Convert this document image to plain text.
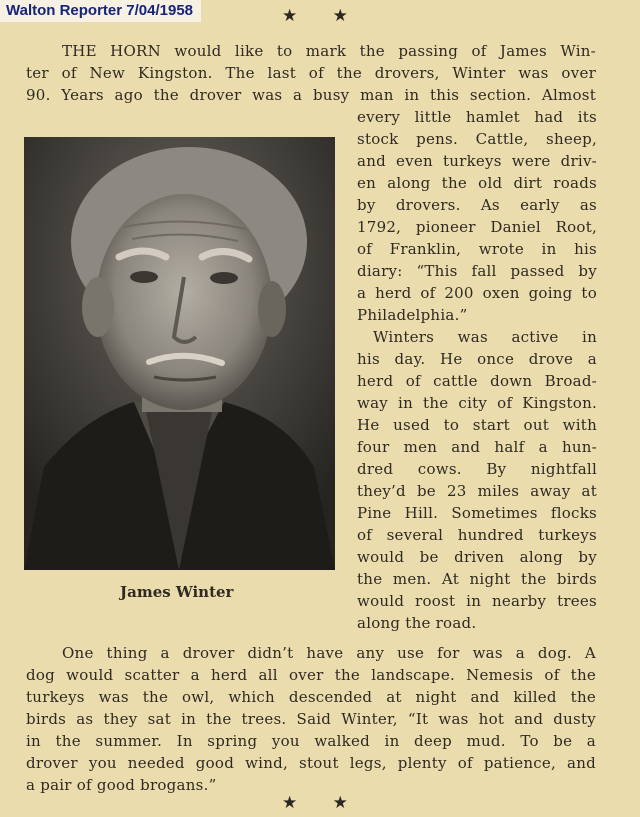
Walton Reporter 7/04/1958	★ ★
THE HORN would like to mark the passing of James Win-
ter of New Kingston. The last of the drovers, Winter was over
90. Years ago the drover was a busy man in this section. Almost
James Winter
every little hamlet had its
stock pens. Cattle, sheep,
and even turkeys were driv-
en along the old dirt roads
by drovers. As early as
1792, pioneer Daniel Root,
of Franklin, wrote in his
diary: “This fall passed by
a herd of 200 oxen going to
Philadelphia.”
Winters was active in
his day. He once drove a
herd of cattle down Broad-
way in the city of Kingston.
He used to start out with
four men and half a hun-
dred cows. By nightfall
they’d be 23 miles away at
Pine Hill. Sometimes flocks
of several hundred turkeys
would be driven along by
the men. At night the birds
would roost in nearby trees
along the road.
One thing a drover didn’t have any use for was a dog. A
dog would scatter a herd all over the landscape. Nemesis of the
turkeys was the owl, which descended at night and killed the
birds as they sat in the trees. Said Winter, “It was hot and dusty
in the summer. In spring you walked in deep mud. To be a
drover you needed good wind, stout legs, plenty of patience, and
a pair of good brogans.”
★ ★
